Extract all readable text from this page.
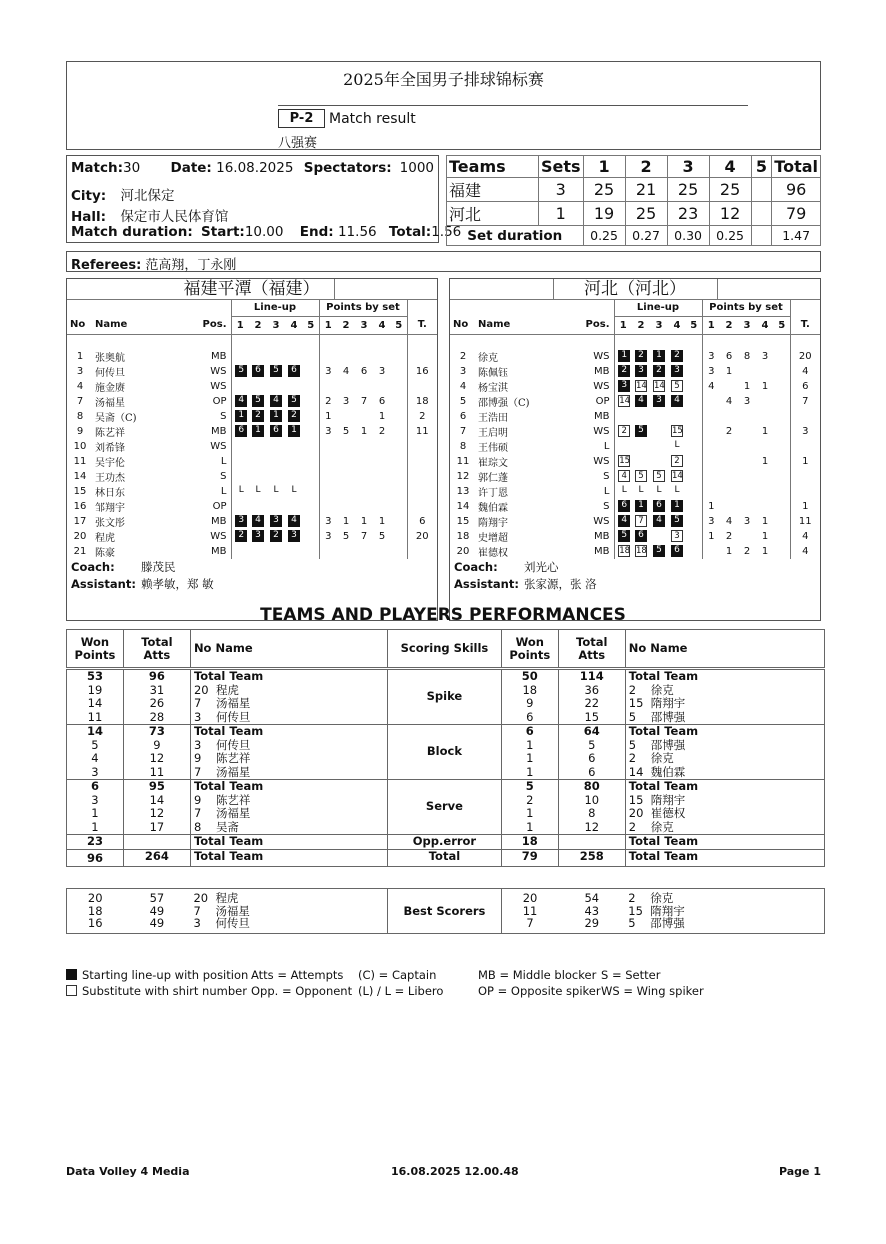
2025年全国男子排球锦标赛
P-2	Match result
八强赛
Match:30 Date: 16.08.2025 Spectators: 1000
City: 河北保定
Hall: 保定市人民体育馆
Match duration: Start:10.00 End: 11.56 Total:1.56
Teams	Sets	1	2	3	4	5	Total
福建	3	25	21	25	25		96
河北	1	19	25	23	12		79
Set duration		0.25	0.27	0.30	0.25		1.47
Referees: 范高翔，丁永刚
福建平潭（福建）
			Line-up					Points by set					
No	Name	Pos.	1	2	3	4	5	1	2	3	4	5	T.

1	张奥航	MB											
3	何传旦	WS	5	6	5	6		3	4	6	3		16
4	施金赓	WS											
7	汤福星	OP	4	5	4	5		2	3	7	6		18
8	吴斋（C)	S	1	2	1	2		1			1		2
9	陈艺祥	MB	6	1	6	1		3	5	1	2		11
10	刘希锋	WS											
11	吴宇伦	L											
14	王功杰	S											
15	林日东	L	L	L	L	L							
16	邹翔宇	OP											
17	张文彤	MB	3	4	3	4		3	1	1	1		6
20	程虎	WS	2	3	2	3		3	5	7	5		20
21	陈豪	MB											
Coach: 滕茂民
Assistant: 赖孝敏，郑 敏
河北（河北）
			Line-up					Points by set					
No	Name	Pos.	1	2	3	4	5	1	2	3	4	5	T.

2	徐克	WS	1	2	1	2		3	6	8	3		20
3	陈佩钰	MB	2	3	2	3		3	1				4
4	杨宝淇	WS	3	14	14	5		4		1	1		6
5	邵博强（C)	OP	14	4	3	4			4	3			7
6	王浩田	MB											
7	王启明	WS	2	5		15			2		1		3
8	王伟硕	L				L							
11	崔琮文	WS	15			2					1		1
12	郭仁蓬	S	4	5	5	14							
13	许丁恩	L	L	L	L	L							
14	魏伯霖	S	6	1	6	1		1					1
15	隋翔宇	WS	4	7	4	5		3	4	3	1		11
18	史增超	MB	5	6		3		1	2		1		4
20	崔德权	MB	18	18	5	6			1	2	1		4
Coach: 刘光心
Assistant: 张家源，张 洛
TEAMS AND PLAYERS PERFORMANCES
Won Points	Total Atts	No Name	Scoring Skills	Won Points	Total Atts	No Name

53	96	Total Team	Spike	50	114	Total Team
19	31	20 程虎		18	36	2 徐克
14	26	7 汤福星		9	22	15 隋翔宇
11	28	3 何传旦		6	15	5 邵博强
14	73	Total Team	Block	6	64	Total Team
5	9	3 何传旦		1	5	5 邵博强
4	12	9 陈艺祥		1	6	2 徐克
3	11	7 汤福星		1	6	14 魏伯霖
6	95	Total Team	Serve	5	80	Total Team
3	14	9 陈艺祥		2	10	15 隋翔宇
1	12	7 汤福星		1	8	20 崔德权
1	17	8 吴斋		1	12	2 徐克
23		Total Team	Opp.error	18		Total Team
96	264	Total Team	Total	79	258	Total Team
20	57	20 程虎	Best Scorers	20	54	2 徐克
18	49	7 汤福星		11	43	15 隋翔宇
16	49	3 何传旦		7	29	5 邵博强
Starting line-up with position	Atts = Attempts	(C) = Captain	MB = Middle blocker	S = Setter
Substitute with shirt number	Opp. = Opponent	(L) / L = Libero	OP = Opposite spiker	WS = Wing spiker
Data Volley 4 Media	16.08.2025 12.00.48	Page 1
